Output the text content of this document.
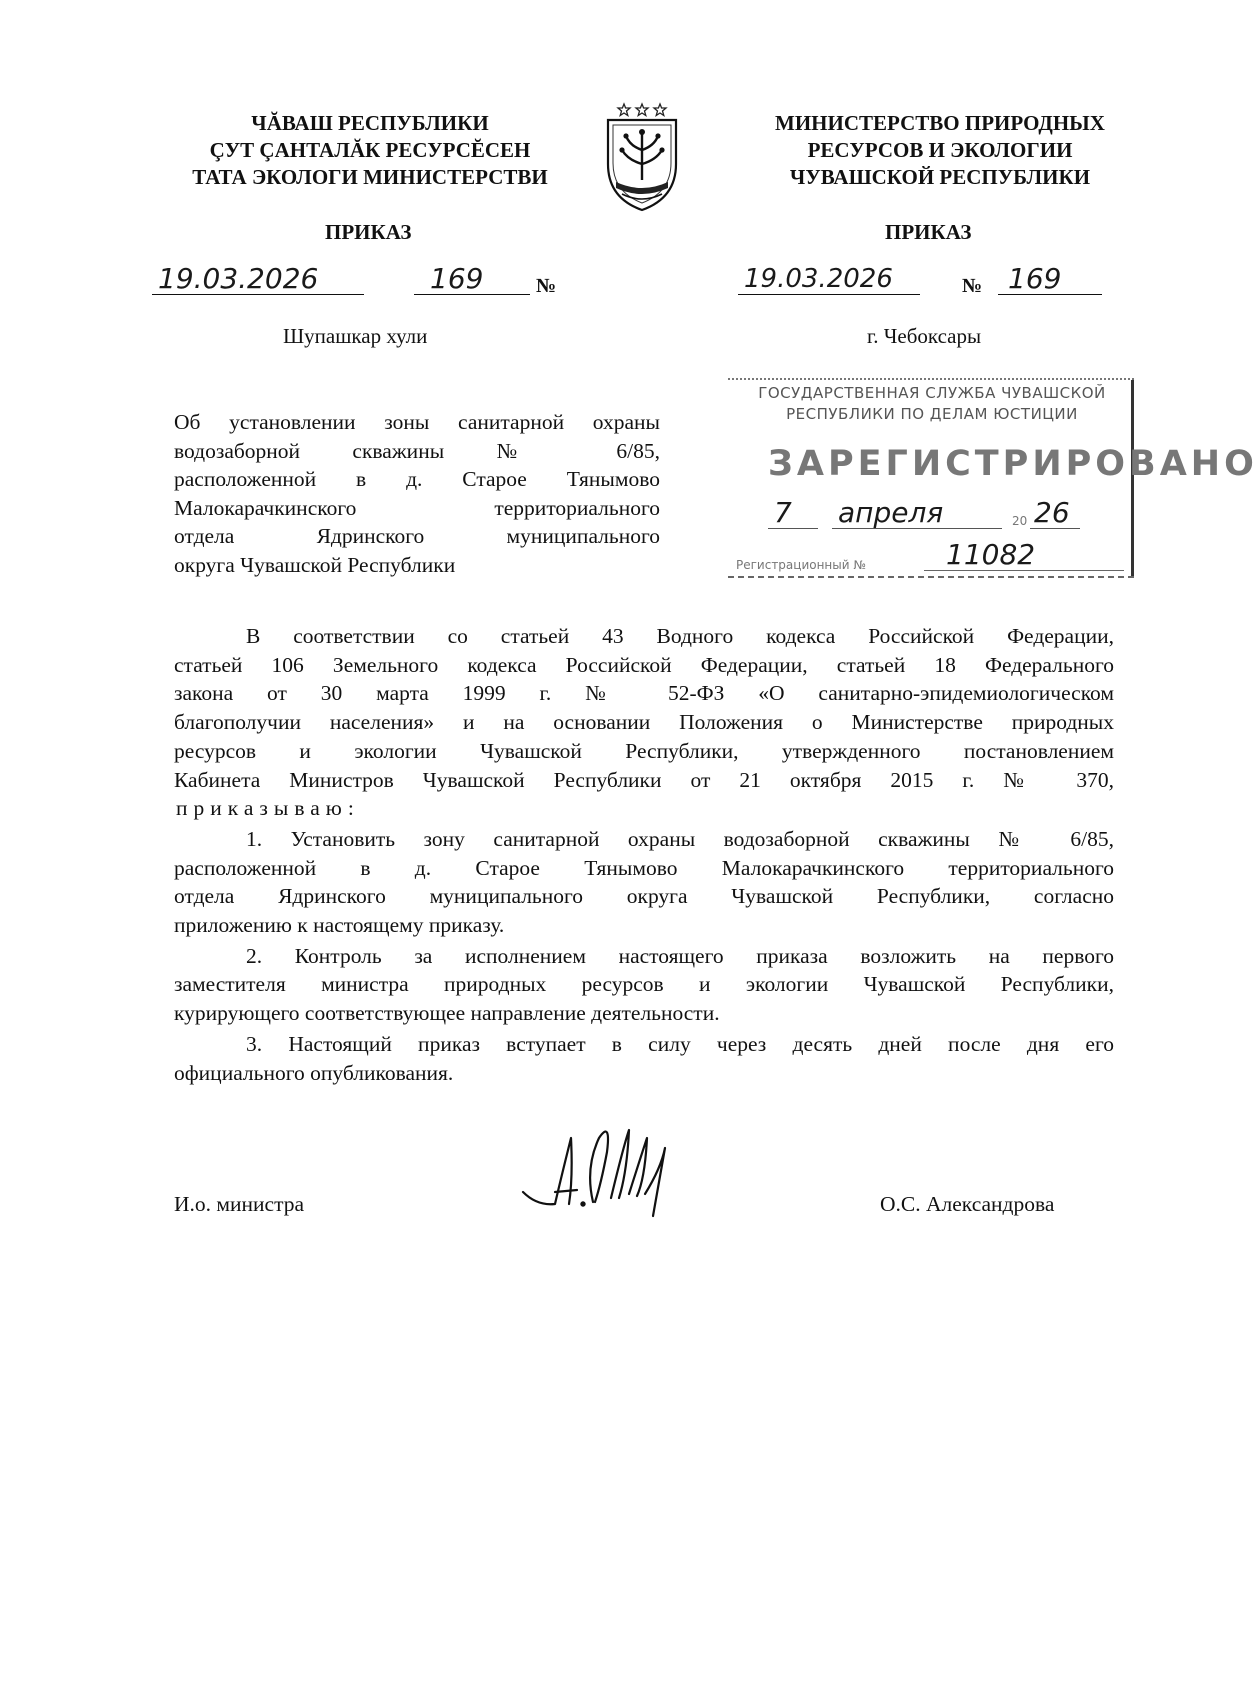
ЧĂВАШ РЕСПУБЛИКИ
ÇУТ ÇАНТАЛĂК РЕСУРСĔСЕН
ТАТА ЭКОЛОГИ МИНИСТЕРСТВИ
МИНИСТЕРСТВО ПРИРОДНЫХ
РЕСУРСОВ И ЭКОЛОГИИ
ЧУВАШСКОЙ РЕСПУБЛИКИ
ПРИКАЗ	ПРИКАЗ
19.03.2026	169	№	19.03.2026	№ 169
Шупашкар хули	г. Чебоксары
Об установлении зоны санитарной охраны
водозаборной скважины № 6/85,
расположенной в д. Старое Тянымово
Малокарачкинского территориального
отдела Ядринского муниципального
округа Чувашской Республики
ГОСУДАРСТВЕННАЯ СЛУЖБА ЧУВАШСКОЙ
РЕСПУБЛИКИ ПО ДЕЛАМ ЮСТИЦИИ
ЗАРЕГИСТРИРОВАНО
7 апреля	20 26
Регистрационный №	11082
В соответствии со статьей 43 Водного кодекса Российской Федерации,
статьей 106 Земельного кодекса Российской Федерации, статьей 18 Федерального
закона от 30 марта 1999 г. № 52-ФЗ «О санитарно-эпидемиологическом
благополучии населения» и на основании Положения о Министерстве природных
ресурсов и экологии Чувашской Республики, утвержденного постановлением
Кабинета Министров Чувашской Республики от 21 октября 2015 г. № 370,
приказываю:
1. Установить зону санитарной охраны водозаборной скважины № 6/85,
расположенной в д. Старое Тянымово Малокарачкинского территориального
отдела Ядринского муниципального округа Чувашской Республики, согласно
приложению к настоящему приказу.
2. Контроль за исполнением настоящего приказа возложить на первого
заместителя министра природных ресурсов и экологии Чувашской Республики,
курирующего соответствующее направление деятельности.
3. Настоящий приказ вступает в силу через десять дней после дня его
официального опубликования.
И.о. министра	О.С. Александрова
